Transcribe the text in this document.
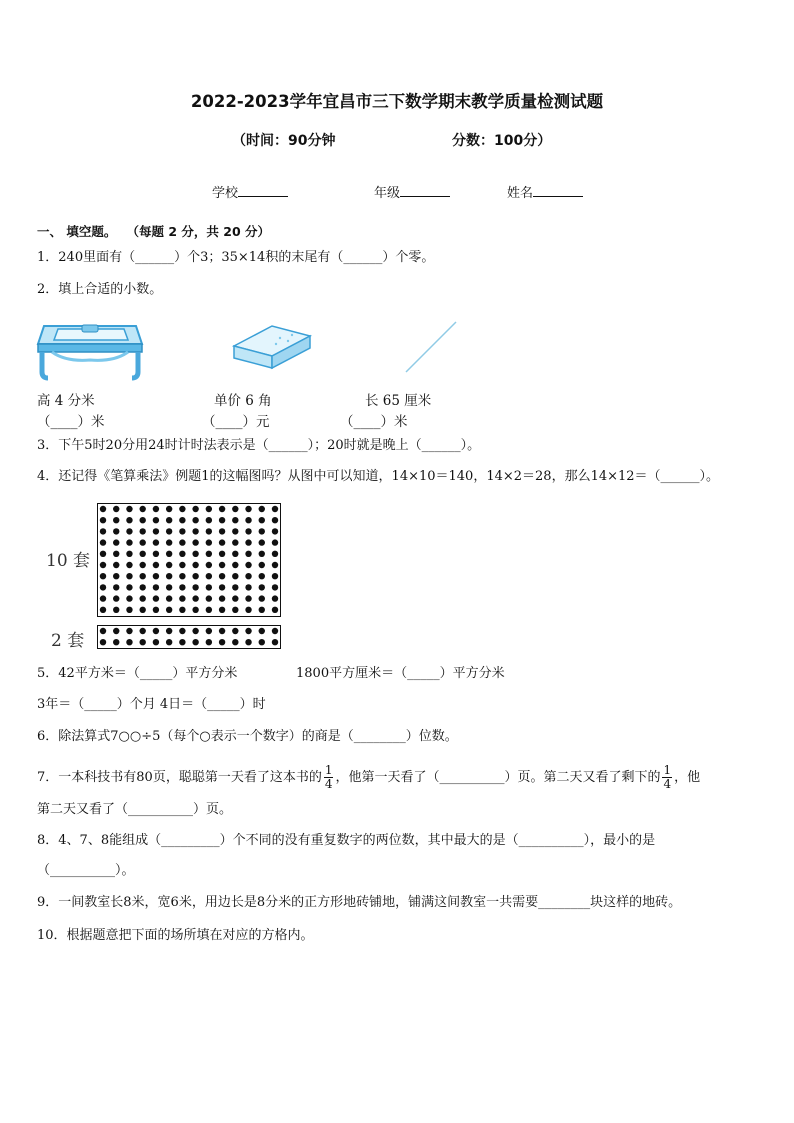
2022-2023学年宜昌市三下数学期末教学质量检测试题
（时间：90分钟	分数：100分）
学校	年级	姓名
一、 填空题。 （每题 2 分，共 20 分）
1．240里面有（______）个3；35×14积的末尾有（______）个零。
2．填上合适的小数。
高 4 分米
（____）米
单价 6 角
（____）元
长 65 厘米
（____）米
3．下午5时20分用24时计时法表示是（______）；20时就是晚上（______）。
4．还记得《笔算乘法》例题1的这幅图吗？从图中可以知道，14×10＝140，14×2＝28，那么14×12＝（______）。
10 套
2 套
5．42平方米＝（_____）平方分米	1800平方厘米＝（_____）平方分米
3年＝（_____）个月 4日＝（_____）时
6．除法算式7○○÷5（每个○表示一个数字）的商是（________）位数。
7．一本科技书有80页，聪聪第一天看了这本书的 $\frac{1}{4}$ ，他第一天看了（__________）页。第二天又看了剩下的 $\frac{1}{4}$ ，他
第二天又看了（__________）页。
8．4、7、8能组成（_________）个不同的没有重复数字的两位数，其中最大的是（__________），最小的是
（__________）。
9．一间教室长8米，宽6米，用边长是8分米的正方形地砖铺地，铺满这间教室一共需要________块这样的地砖。
10．根据题意把下面的场所填在对应的方格内。
